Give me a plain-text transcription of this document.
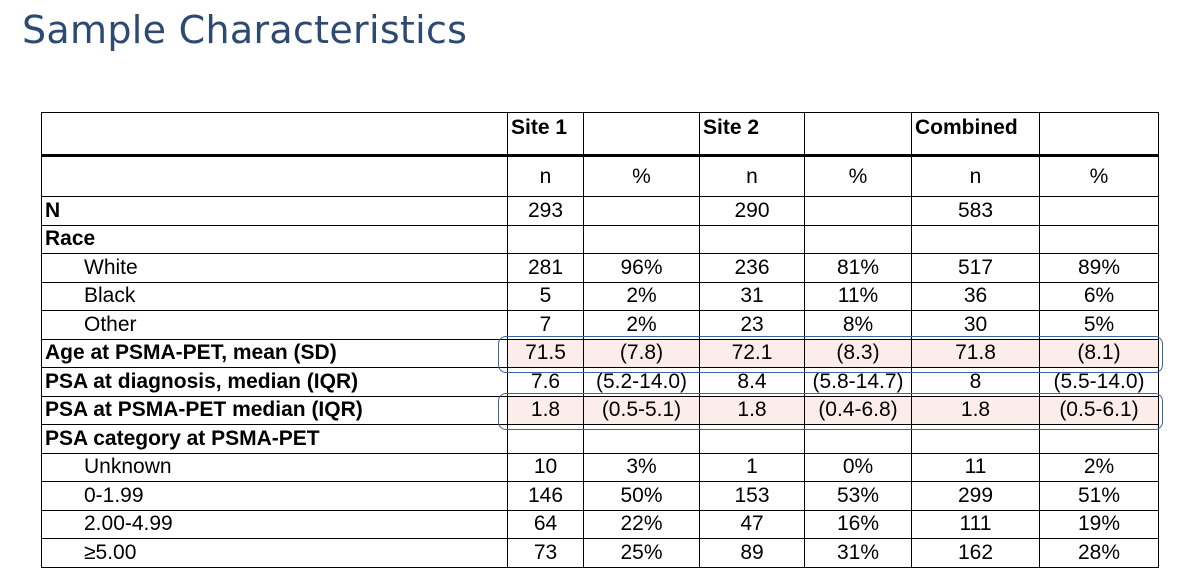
Sample Characteristics
	Site 1		Site 2		Combined	
	n	%	n	%	n	%
N	293		290		583	
Race						
White	281	96%	236	81%	517	89%
Black	5	2%	31	11%	36	6%
Other	7	2%	23	8%	30	5%
Age at PSMA-PET, mean (SD)	71.5	(7.8)	72.1	(8.3)	71.8	(8.1)
PSA at diagnosis, median (IQR)	7.6	(5.2-14.0)	8.4	(5.8-14.7)	8	(5.5-14.0)
PSA at PSMA-PET median (IQR)	1.8	(0.5-5.1)	1.8	(0.4-6.8)	1.8	(0.5-6.1)
PSA category at PSMA-PET						
Unknown	10	3%	1	0%	11	2%
0-1.99	146	50%	153	53%	299	51%
2.00-4.99	64	22%	47	16%	111	19%
≥5.00	73	25%	89	31%	162	28%
